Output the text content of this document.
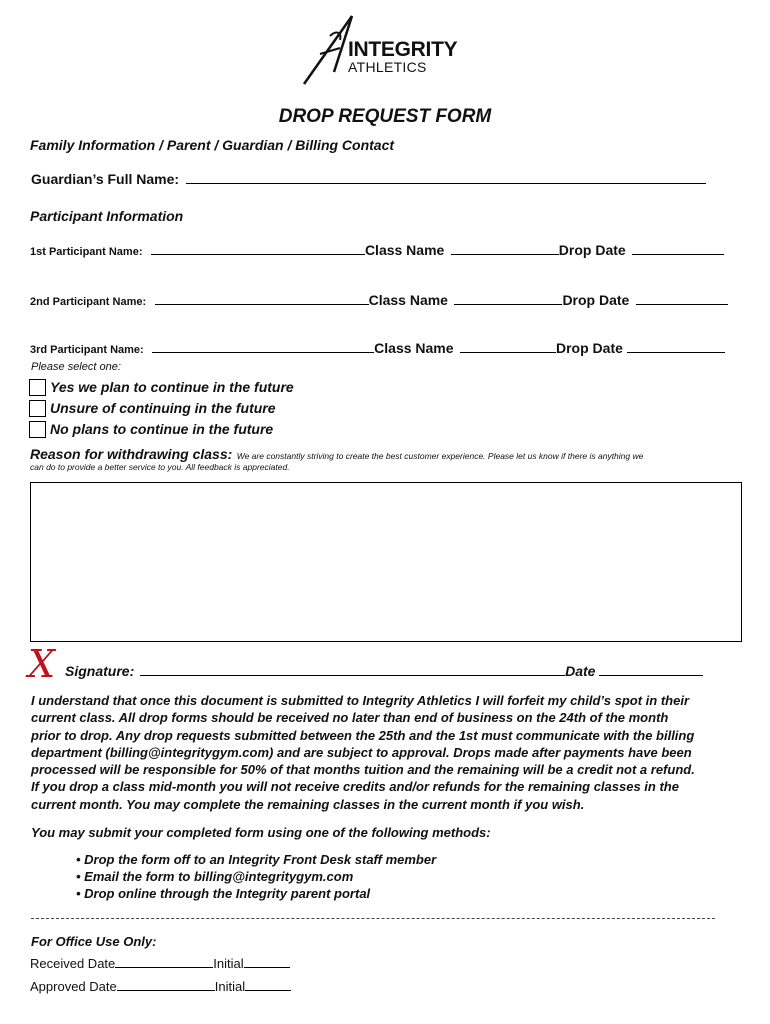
INTEGRITY
ATHLETICS
DROP REQUEST FORM
Family Information / Parent / Guardian / Billing Contact
Guardian’s Full Name:
Participant Information
1st Participant Name:	Class Name	Drop Date
2nd Participant Name:	Class Name	Drop Date
3rd Participant Name:	Class Name	Drop Date
Please select one:
Yes we plan to continue in the future
Unsure of continuing in the future
No plans to continue in the future
Reason for withdrawing class: We are constantly striving to create the best customer experience. Please let us know if there is anything we
can do to provide a better service to you. All feedback is appreciated.
X Signature:	Date

I understand that once this document is submitted to Integrity Athletics I will forfeit my child’s spot in their

current class. All drop forms should be received no later than end of business on the 24th of the month

prior to drop. Any drop requests submitted between the 25th and the 1st must communicate with the billing

department (billing@integritygym.com) and are subject to approval. Drops made after payments have been

processed will be responsible for 50% of that months tuition and the remaining will be a credit not a refund.

If you drop a class mid-month you will not receive credits and/or refunds for the remaining classes in the

current month. You may complete the remaining classes in the current month if you wish.

You may submit your completed form using one of the following methods:
• Drop the form off to an Integrity Front Desk staff member
• Email the form to billing@integritygym.com
• Drop online through the Integrity parent portal
For Office Use Only:
Received Date	Initial
Approved Date	Initial
